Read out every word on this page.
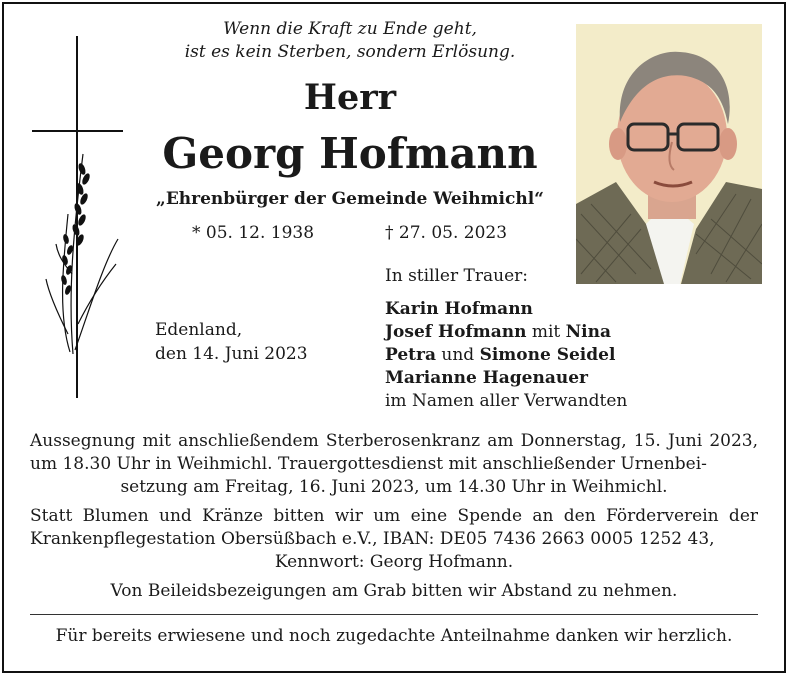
Wenn die Kraft zu Ende geht,
ist es kein Sterben, sondern Erlösung.
Herr
Georg Hofmann
„Ehrenbürger der Gemeinde Weihmichl“
* 05. 12. 1938	† 27. 05. 2023
Edenland,
den 14. Juni 2023
In stiller Trauer:
Karin Hofmann
Josef Hofmann mit Nina
Petra und Simone Seidel
Marianne Hagenauer
im Namen aller Verwandten
Aussegnung mit anschließendem Sterberosenkranz am Donnerstag, 15. Juni 2023, um 18.30 Uhr in Weihmichl. Trauergottesdienst mit anschließender Urnenbei-
setzung am Freitag, 16. Juni 2023, um 14.30 Uhr in Weihmichl.
Statt Blumen und Kränze bitten wir um eine Spende an den Förderverein der Krankenpflegestation Obersüßbach e.V., IBAN: DE05 7436 2663 0005 1252 43,
Kennwort: Georg Hofmann.
Von Beileidsbezeigungen am Grab bitten wir Abstand zu nehmen.
Für bereits erwiesene und noch zugedachte Anteilnahme danken wir herzlich.
